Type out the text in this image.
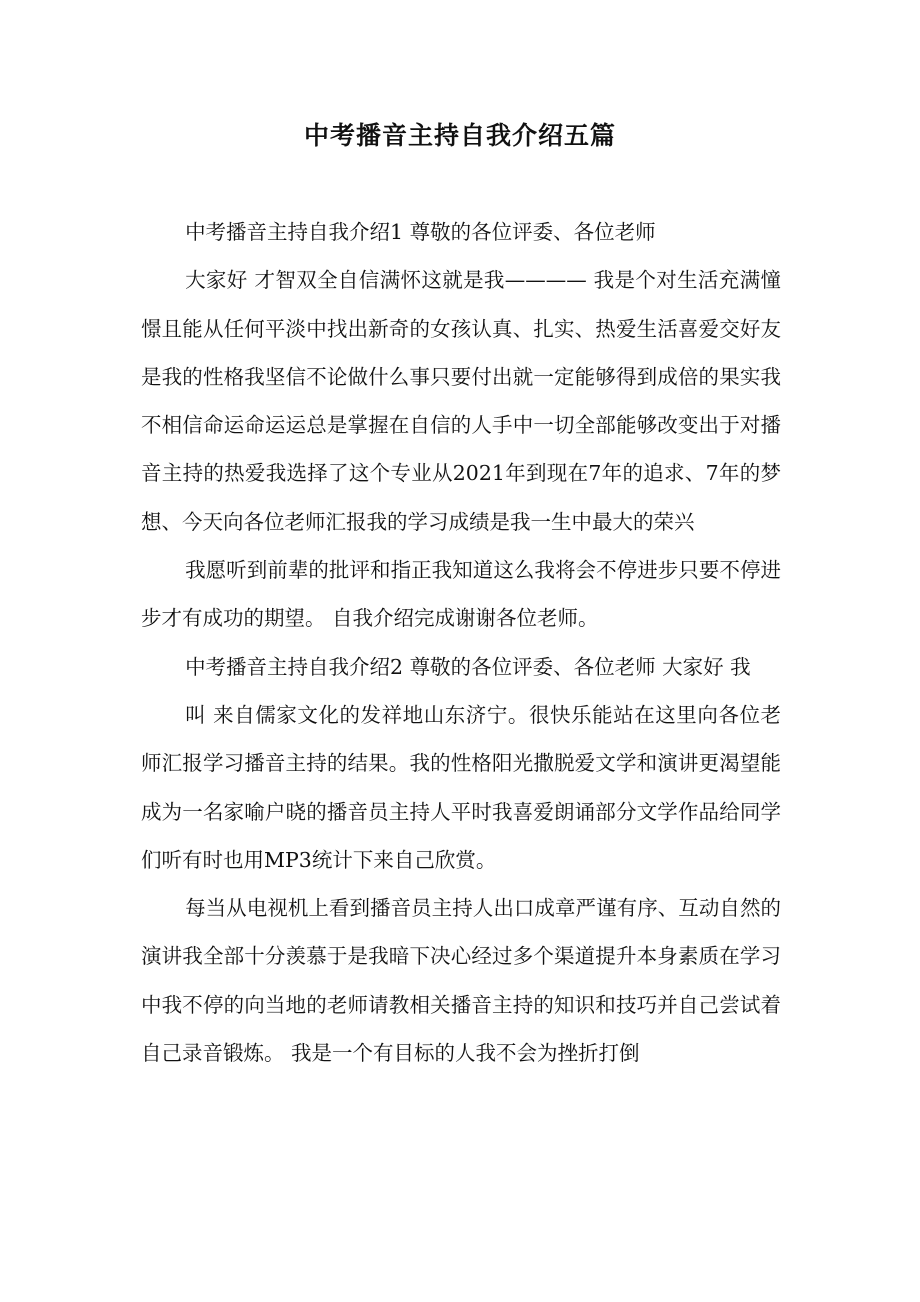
中考播音主持自我介绍五篇

中考播音主持自我介绍1 尊敬的各位评委、各位老师

大家好 才智双全自信满怀这就是我———— 我是个对生活充满憧憬且能从任何平淡中找出新奇的女孩认真、扎实、热爱生活喜爱交好友是我的性格我坚信不论做什么事只要付出就一定能够得到成倍的果实我不相信命运命运运总是掌握在自信的人手中一切全部能够改变出于对播音主持的热爱我选择了这个专业从2021年到现在7年的追求、7年的梦想、今天向各位老师汇报我的学习成绩是我一生中最大的荣兴

我愿听到前辈的批评和指正我知道这么我将会不停进步只要不停进步才有成功的期望。 自我介绍完成谢谢各位老师。

中考播音主持自我介绍2 尊敬的各位评委、各位老师 大家好 我

叫 来自儒家文化的发祥地山东济宁。很快乐能站在这里向各位老师汇报学习播音主持的结果。我的性格阳光撒脱爱文学和演讲更渴望能成为一名家喻户晓的播音员主持人平时我喜爱朗诵部分文学作品给同学们听有时也用MP3统计下来自己欣赏。

每当从电视机上看到播音员主持人出口成章严谨有序、互动自然的演讲我全部十分羡慕于是我暗下决心经过多个渠道提升本身素质在学习中我不停的向当地的老师请教相关播音主持的知识和技巧并自己尝试着自己录音锻炼。 我是一个有目标的人我不会为挫折打倒
